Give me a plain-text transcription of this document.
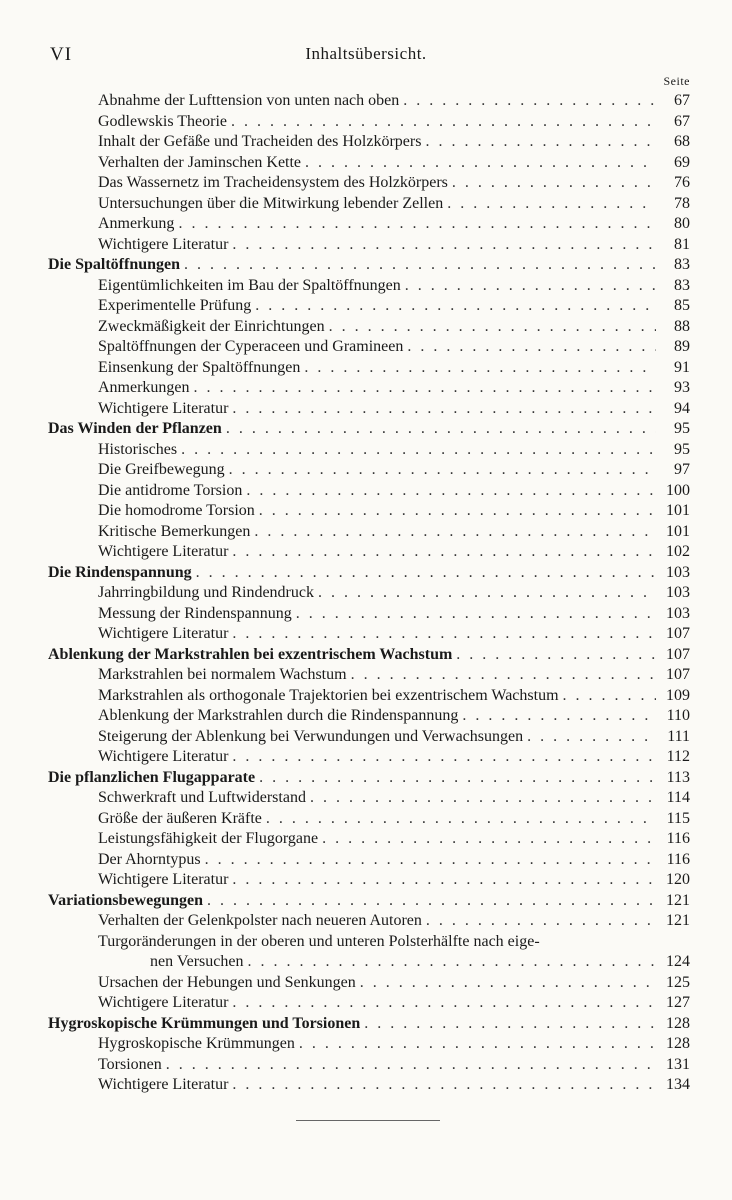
VI	Inhaltsübersicht.
Seite
Abnahme der Lufttension von unten nach oben . . .	67
Godlewskis Theorie . . .	67
Inhalt der Gefäße und Tracheiden des Holzkörpers . . .	68
Verhalten der Jaminschen Kette . . .	69
Das Wassernetz im Tracheidensystem des Holzkörpers . . .	76
Untersuchungen über die Mitwirkung lebender Zellen . . .	78
Anmerkung . . .	80
Wichtigere Literatur . . .	81
Die Spaltöffnungen . . .	83
Eigentümlichkeiten im Bau der Spaltöffnungen . . .	83
Experimentelle Prüfung . . .	85
Zweckmäßigkeit der Einrichtungen . . .	88
Spaltöffnungen der Cyperaceen und Gramineen . . .	89
Einsenkung der Spaltöffnungen . . .	91
Anmerkungen . . .	93
Wichtigere Literatur . . .	94
Das Winden der Pflanzen . . .	95
Historisches . . .	95
Die Greifbewegung . . .	97
Die antidrome Torsion . . .	100
Die homodrome Torsion . . .	101
Kritische Bemerkungen . . .	101
Wichtigere Literatur . . .	102
Die Rindenspannung . . .	103
Jahrringbildung und Rindendruck . . .	103
Messung der Rindenspannung . . .	103
Wichtigere Literatur . . .	107
Ablenkung der Markstrahlen bei exzentrischem Wachstum . . .	107
Markstrahlen bei normalem Wachstum . . .	107
Markstrahlen als orthogonale Trajektorien bei exzentrischem Wachstum . . .	109
Ablenkung der Markstrahlen durch die Rindenspannung . . .	110
Steigerung der Ablenkung bei Verwundungen und Verwachsungen . . .	111
Wichtigere Literatur . . .	112
Die pflanzlichen Flugapparate . . .	113
Schwerkraft und Luftwiderstand . . .	114
Größe der äußeren Kräfte . . .	115
Leistungsfähigkeit der Flugorgane . . .	116
Der Ahorntypus . . .	116
Wichtigere Literatur . . .	120
Variationsbewegungen . . .	121
Verhalten der Gelenkpolster nach neueren Autoren . . .	121
Turgoränderungen in der oberen und unteren Polsterhälfte nach eige-
nen Versuchen . . .	124
Ursachen der Hebungen und Senkungen . . .	125
Wichtigere Literatur . . .	127
Hygroskopische Krümmungen und Torsionen . . .	128
Hygroskopische Krümmungen . . .	128
Torsionen . . .	131
Wichtigere Literatur . . .	134
